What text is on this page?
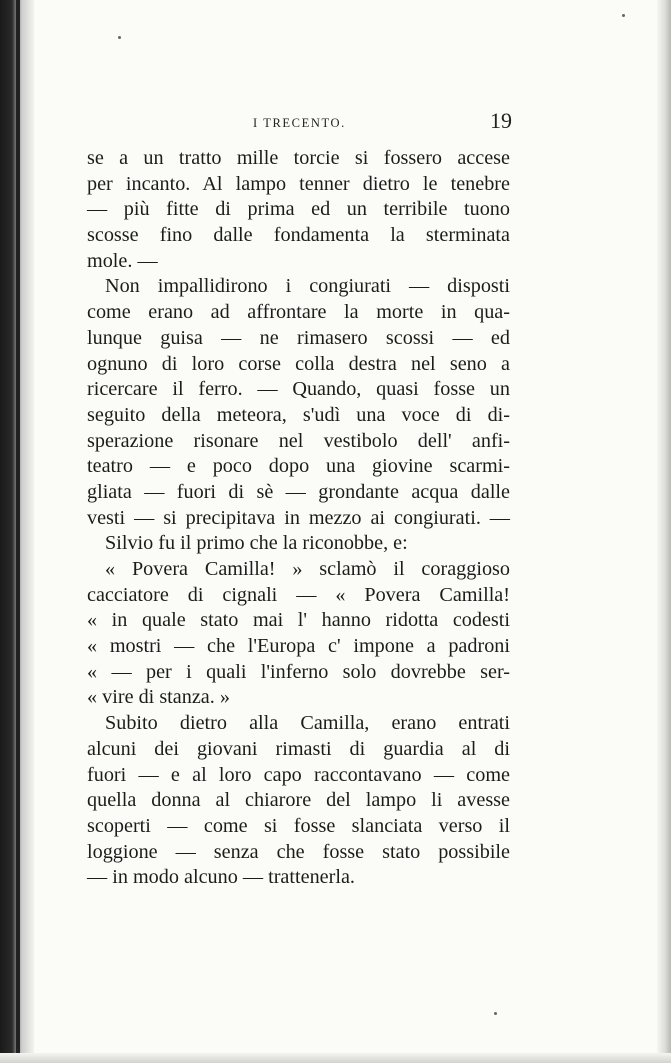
I TRECENTO.	19
se a un tratto mille torcie si fossero accese
per incanto. Al lampo tenner dietro le tenebre
— più fitte di prima ed un terribile tuono
scosse fino dalle fondamenta la sterminata
mole. —
Non impallidirono i congiurati — disposti
come erano ad affrontare la morte in qua-
lunque guisa — ne rimasero scossi — ed
ognuno di loro corse colla destra nel seno a
ricercare il ferro. — Quando, quasi fosse un
seguito della meteora, s'udì una voce di di-
sperazione risonare nel vestibolo dell' anfi-
teatro — e poco dopo una giovine scarmi-
gliata — fuori di sè — grondante acqua dalle
vesti — si precipitava in mezzo ai congiurati. —
Silvio fu il primo che la riconobbe, e:
« Povera Camilla! » sclamò il coraggioso
cacciatore di cignali — « Povera Camilla!
« in quale stato mai l' hanno ridotta codesti
« mostri — che l'Europa c' impone a padroni
« — per i quali l'inferno solo dovrebbe ser-
« vire di stanza. »
Subito dietro alla Camilla, erano entrati
alcuni dei giovani rimasti di guardia al di
fuori — e al loro capo raccontavano — come
quella donna al chiarore del lampo li avesse
scoperti — come si fosse slanciata verso il
loggione — senza che fosse stato possibile
— in modo alcuno — trattenerla.
